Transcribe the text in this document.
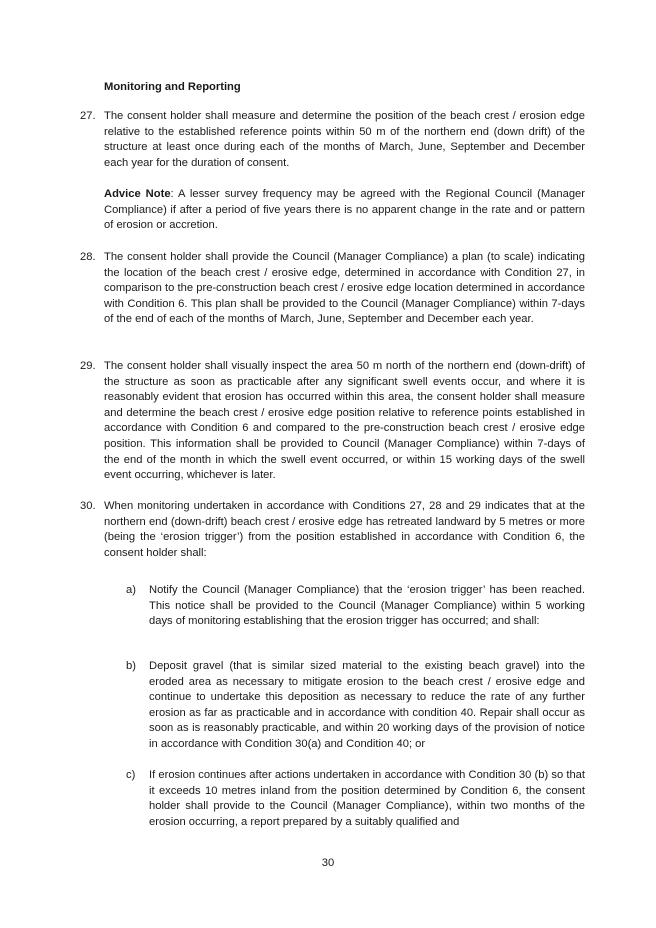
Monitoring and Reporting

27. The consent holder shall measure and determine the position of the beach crest / erosion edge relative to the established reference points within 50 m of the northern end (down drift) of the structure at least once during each of the months of March, June, September and December each year for the duration of consent.

Advice Note: A lesser survey frequency may be agreed with the Regional Council (Manager Compliance) if after a period of five years there is no apparent change in the rate and or pattern of erosion or accretion.

28. The consent holder shall provide the Council (Manager Compliance) a plan (to scale) indicating the location of the beach crest / erosive edge, determined in accordance with Condition 27, in comparison to the pre-construction beach crest / erosive edge location determined in accordance with Condition 6. This plan shall be provided to the Council (Manager Compliance) within 7-days of the end of each of the months of March, June, September and December each year.

29. The consent holder shall visually inspect the area 50 m north of the northern end (down-drift) of the structure as soon as practicable after any significant swell events occur, and where it is reasonably evident that erosion has occurred within this area, the consent holder shall measure and determine the beach crest / erosive edge position relative to reference points established in accordance with Condition 6 and compared to the pre-construction beach crest / erosive edge position. This information shall be provided to Council (Manager Compliance) within 7-days of the end of the month in which the swell event occurred, or within 15 working days of the swell event occurring, whichever is later.

30. When monitoring undertaken in accordance with Conditions 27, 28 and 29 indicates that at the northern end (down-drift) beach crest / erosive edge has retreated landward by 5 metres or more (being the ‘erosion trigger’) from the position established in accordance with Condition 6, the consent holder shall:

a) Notify the Council (Manager Compliance) that the ‘erosion trigger’ has been reached. This notice shall be provided to the Council (Manager Compliance) within 5 working days of monitoring establishing that the erosion trigger has occurred; and shall:

b) Deposit gravel (that is similar sized material to the existing beach gravel) into the eroded area as necessary to mitigate erosion to the beach crest / erosive edge and continue to undertake this deposition as necessary to reduce the rate of any further erosion as far as practicable and in accordance with condition 40. Repair shall occur as soon as is reasonably practicable, and within 20 working days of the provision of notice in accordance with Condition 30(a) and Condition 40; or

c) If erosion continues after actions undertaken in accordance with Condition 30 (b) so that it exceeds 10 metres inland from the position determined by Condition 6, the consent holder shall provide to the Council (Manager Compliance), within two months of the erosion occurring, a report prepared by a suitably qualified and

30
